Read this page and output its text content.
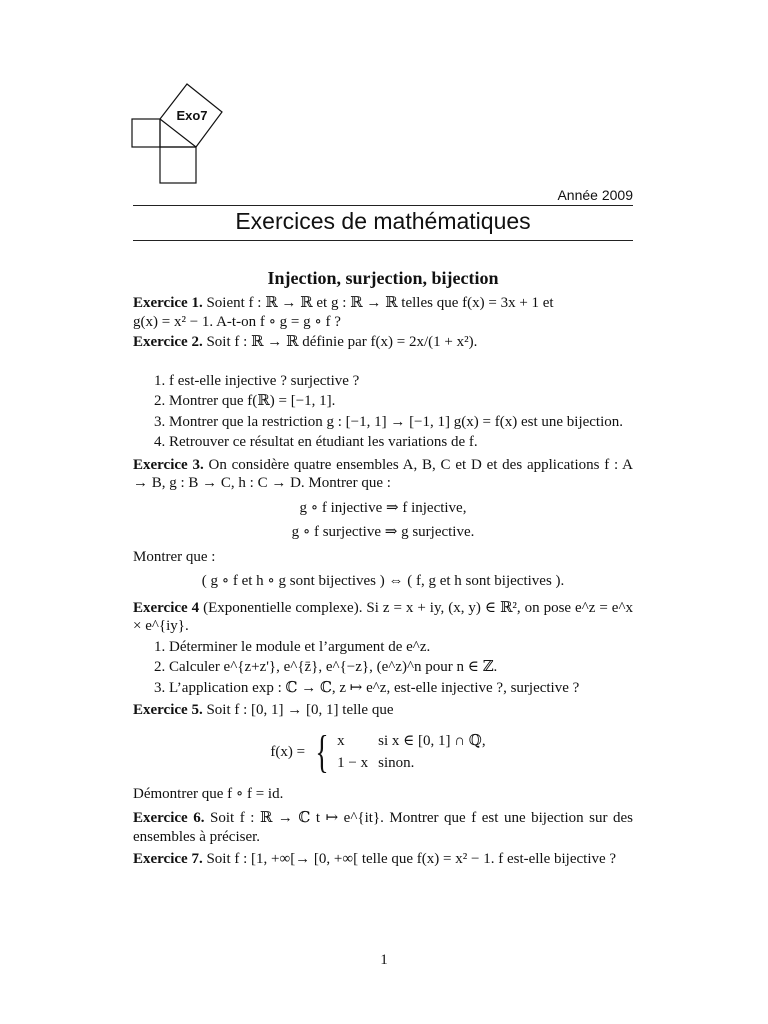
Exo7
Année 2009
Exercices de mathématiques
Injection, surjection, bijection

Exercice 1. Soient f : ℝ → ℝ et g : ℝ → ℝ telles que f(x) = 3x + 1 et
g(x) = x² − 1. A-t-on f ∘ g = g ∘ f ?

Exercice 2. Soit f : ℝ → ℝ définie par f(x) = 2x/(1 + x²).

1. f est-elle injective ? surjective ?
2. Montrer que f(ℝ) = [−1, 1].
3. Montrer que la restriction g : [−1, 1] → [−1, 1] g(x) = f(x) est une bijection.
4. Retrouver ce résultat en étudiant les variations de f.

Exercice 3. On considère quatre ensembles A, B, C et D et des applications f : A → B, g : B → C, h : C → D. Montrer que :

g ∘ f injective ⇒ f injective,
g ∘ f surjective ⇒ g surjective.

Montrer que :

( g ∘ f et h ∘ g sont bijectives ) ⇔ ( f, g et h sont bijectives ).

Exercice 4 (Exponentielle complexe). Si z = x + iy, (x, y) ∈ ℝ², on pose e^z = e^x × e^{iy}.

1. Déterminer le module et l’argument de e^z.
2. Calculer e^{z+z'}, e^{z̄}, e^{−z}, (e^z)^n pour n ∈ ℤ.
3. L’application exp : ℂ → ℂ, z ↦ e^z, est-elle injective ?, surjective ?

Exercice 5. Soit f : [0, 1] → [0, 1] telle que

f(x) = { x	si x ∈ [0, 1] ∩ ℚ,
1 − x	sinon.

Démontrer que f ∘ f = id.

Exercice 6. Soit f : ℝ → ℂ t ↦ e^{it}. Montrer que f est une bijection sur des ensembles à préciser.

Exercice 7. Soit f : [1, +∞[→ [0, +∞[ telle que f(x) = x² − 1. f est-elle bijective ?

1
